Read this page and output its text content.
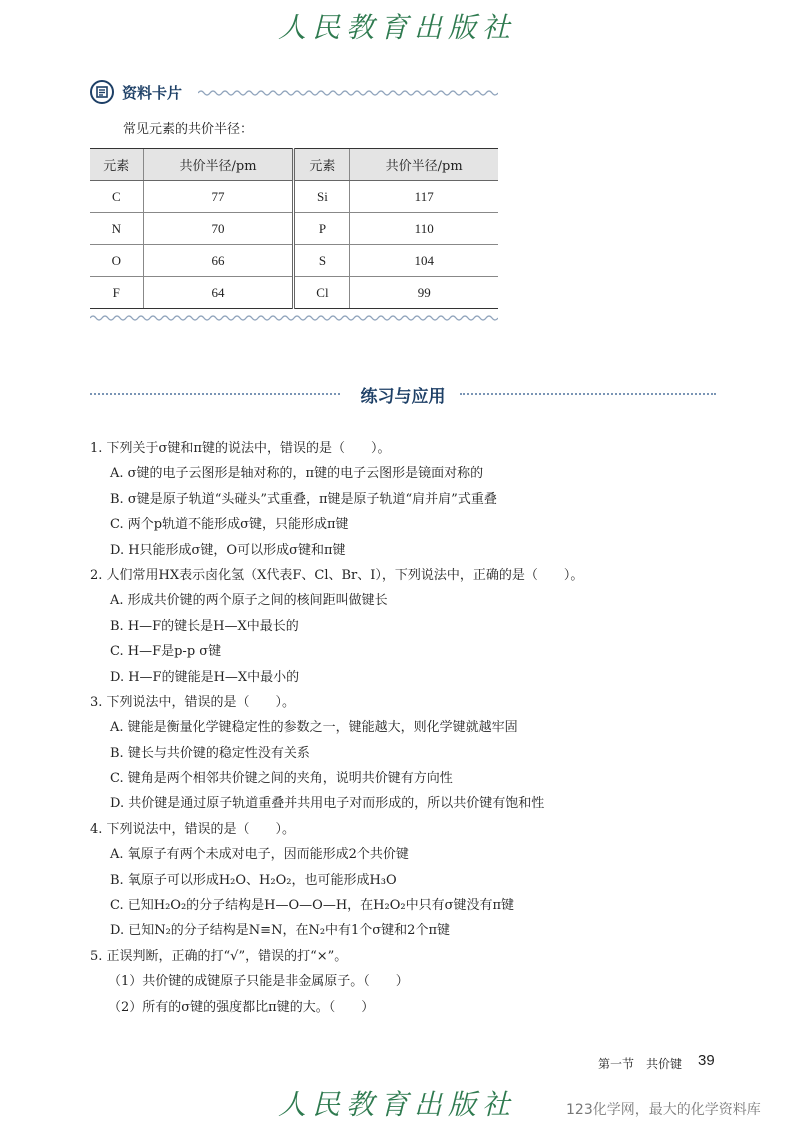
人民教育出版社
资料卡片
常见元素的共价半径：
元素	共价半径/pm	元素	共价半径/pm
C	77	Si	117
N	70	P	110
O	66	S	104
F	64	Cl	99
练习与应用
1. 下列关于σ键和π键的说法中，错误的是（　　）。
A. σ键的电子云图形是轴对称的，π键的电子云图形是镜面对称的
B. σ键是原子轨道“头碰头”式重叠，π键是原子轨道“肩并肩”式重叠
C. 两个p轨道不能形成σ键，只能形成π键
D. H只能形成σ键，O可以形成σ键和π键
2. 人们常用HX表示卤化氢（X代表F、Cl、Br、I），下列说法中，正确的是（　　）。
A. 形成共价键的两个原子之间的核间距叫做键长
B. H—F的键长是H—X中最长的
C. H—F是p-p σ键
D. H—F的键能是H—X中最小的
3. 下列说法中，错误的是（　　）。
A. 键能是衡量化学键稳定性的参数之一，键能越大，则化学键就越牢固
B. 键长与共价键的稳定性没有关系
C. 键角是两个相邻共价键之间的夹角，说明共价键有方向性
D. 共价键是通过原子轨道重叠并共用电子对而形成的，所以共价键有饱和性
4. 下列说法中，错误的是（　　）。
A. 氧原子有两个未成对电子，因而能形成2个共价键
B. 氧原子可以形成H₂O、H₂O₂，也可能形成H₃O
C. 已知H₂O₂的分子结构是H—O—O—H，在H₂O₂中只有σ键没有π键
D. 已知N₂的分子结构是N≡N，在N₂中有1个σ键和2个π键
5. 正误判断，正确的打“√”，错误的打“×”。
（1）共价键的成键原子只能是非金属原子。（　　）
（2）所有的σ键的强度都比π键的大。（　　）
第一节　共价键 39
人民教育出版社	123化学网，最大的化学资料库
